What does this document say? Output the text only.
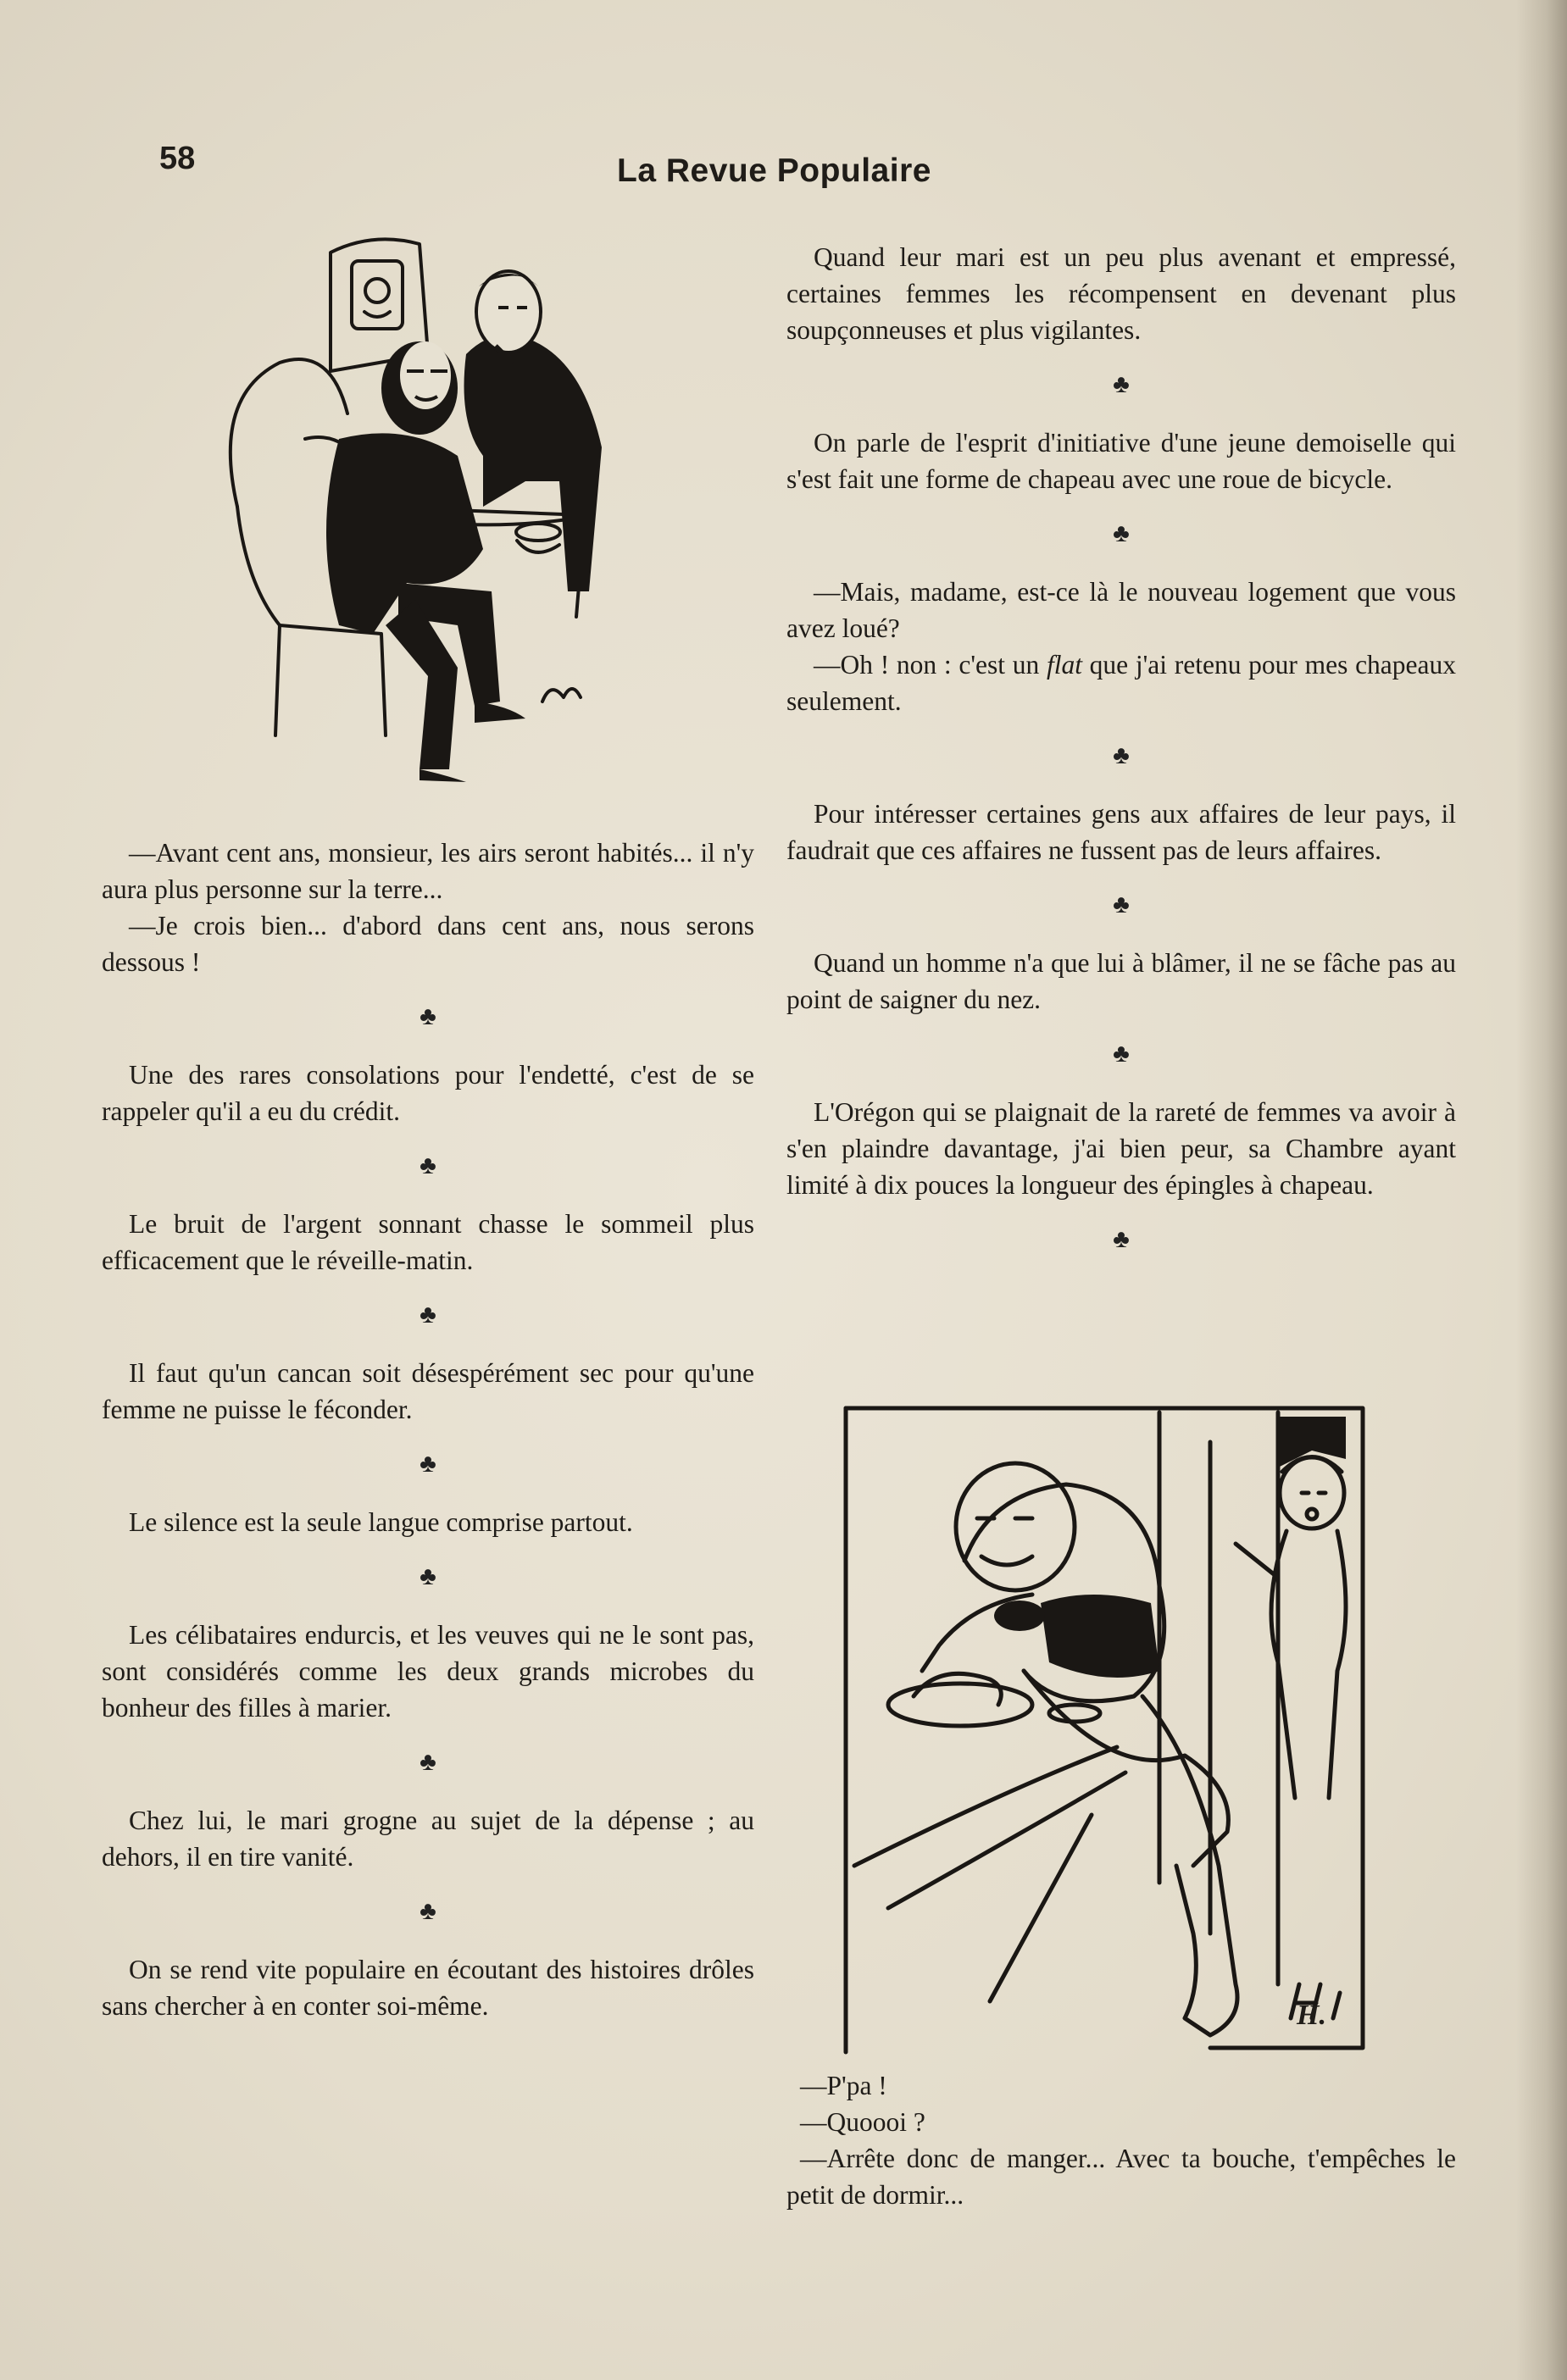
58	La Revue Populaire

—Avant cent ans, monsieur, les airs seront habités... il n'y aura plus personne sur la terre...

—Je crois bien... d'abord dans cent ans, nous serons dessous !

♣

Une des rares consolations pour l'endetté, c'est de se rappeler qu'il a eu du crédit.

♣

Le bruit de l'argent sonnant chasse le sommeil plus efficacement que le réveille-matin.

♣

Il faut qu'un cancan soit désespérément sec pour qu'une femme ne puisse le féconder.

♣

Le silence est la seule langue comprise partout.

♣

Les célibataires endurcis, et les veuves qui ne le sont pas, sont considérés comme les deux grands microbes du bonheur des filles à marier.

♣

Chez lui, le mari grogne au sujet de la dépense ; au dehors, il en tire vanité.

♣

On se rend vite populaire en écoutant des histoires drôles sans chercher à en conter soi-même.

Quand leur mari est un peu plus avenant et empressé, certaines femmes les récompensent en devenant plus soupçonneuses et plus vigilantes.

♣

On parle de l'esprit d'initiative d'une jeune demoiselle qui s'est fait une forme de chapeau avec une roue de bicycle.

♣

—Mais, madame, est-ce là le nouveau logement que vous avez loué?

—Oh ! non : c'est un flat que j'ai retenu pour mes chapeaux seulement.

♣

Pour intéresser certaines gens aux affaires de leur pays, il faudrait que ces affaires ne fussent pas de leurs affaires.

♣

Quand un homme n'a que lui à blâmer, il ne se fâche pas au point de saigner du nez.

♣

L'Orégon qui se plaignait de la rareté de femmes va avoir à s'en plaindre davantage, j'ai bien peur, sa Chambre ayant limité à dix pouces la longueur des épingles à chapeau.

♣
H.

—P'pa !

—Quoooi ?

—Arrête donc de manger... Avec ta bouche, t'empêches le petit de dormir...
